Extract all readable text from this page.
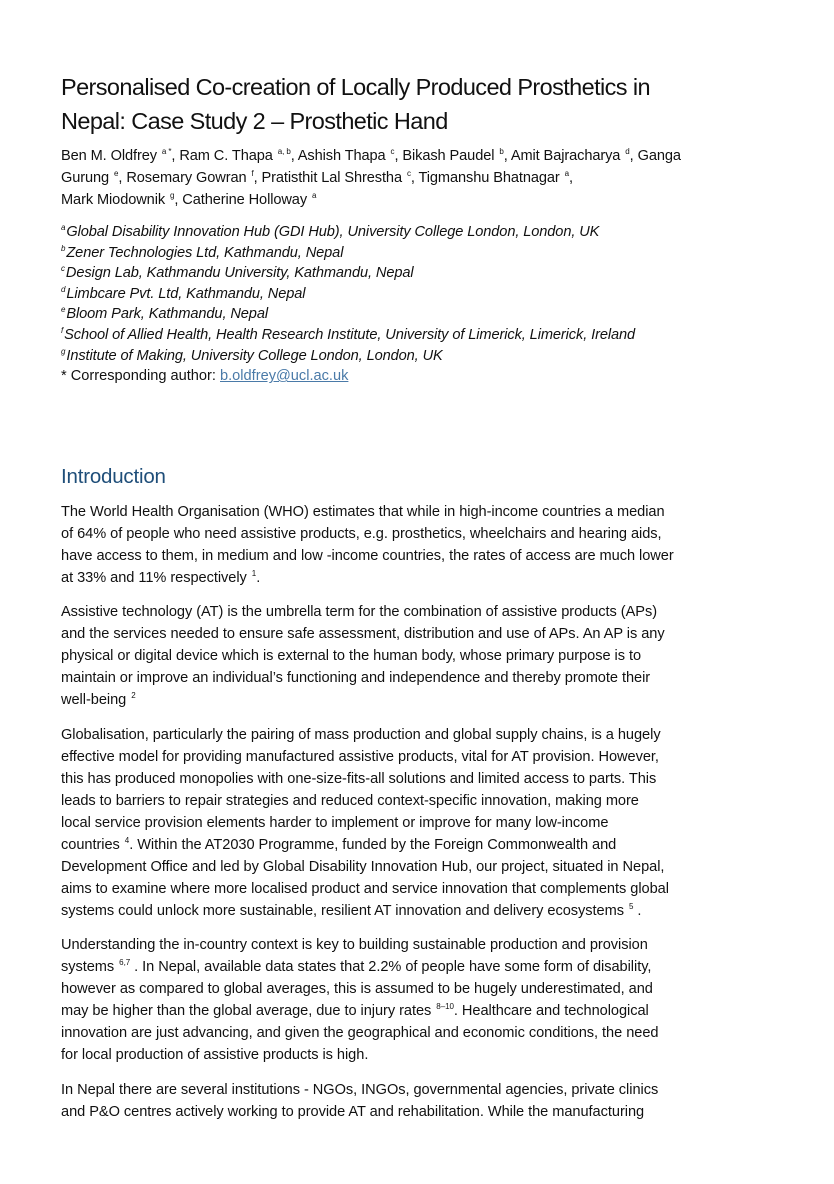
Personalised Co-creation of Locally Produced Prosthetics in
Nepal: Case Study 2 – Prosthetic Hand
Ben M. Oldfrey $^{a *}$, Ram C. Thapa $^{a, b}$, Ashish Thapa $^c$, Bikash Paudel $^b$, Amit Bajracharya $^d$, Ganga
Gurung $^e$, Rosemary Gowran $^f$, Pratisthit Lal Shrestha $^c$, Tigmanshu Bhatnagar $^a$,
Mark Miodownik $^g$, Catherine Holloway $^a$
$^a$Global Disability Innovation Hub (GDI Hub), University College London, London, UK
$^b$Zener Technologies Ltd, Kathmandu, Nepal
$^c$Design Lab, Kathmandu University, Kathmandu, Nepal
$^d$Limbcare Pvt. Ltd, Kathmandu, Nepal
$^e$Bloom Park, Kathmandu, Nepal
$^f$School of Allied Health, Health Research Institute, University of Limerick, Limerick, Ireland
$^g$Institute of Making, University College London, London, UK
* Corresponding author: b.oldfrey@ucl.ac.uk
Introduction

The World Health Organisation (WHO) estimates that while in high-income countries a median
of 64% of people who need assistive products, e.g. prosthetics, wheelchairs and hearing aids,
have access to them, in medium and low -income countries, the rates of access are much lower
at 33% and 11% respectively $^1$.

Assistive technology (AT) is the umbrella term for the combination of assistive products (APs)
and the services needed to ensure safe assessment, distribution and use of APs. An AP is any
physical or digital device which is external to the human body, whose primary purpose is to
maintain or improve an individual’s functioning and independence and thereby promote their
well-being $^2$

Globalisation, particularly the pairing of mass production and global supply chains, is a hugely
effective model for providing manufactured assistive products, vital for AT provision. However,
this has produced monopolies with one-size-fits-all solutions and limited access to parts. This
leads to barriers to repair strategies and reduced context-specific innovation, making more
local service provision elements harder to implement or improve for many low-income
countries $^4$. Within the AT2030 Programme, funded by the Foreign Commonwealth and
Development Office and led by Global Disability Innovation Hub, our project, situated in Nepal,
aims to examine where more localised product and service innovation that complements global
systems could unlock more sustainable, resilient AT innovation and delivery ecosystems $^5$ .

Understanding the in-country context is key to building sustainable production and provision
systems $^{6,7}$ . In Nepal, available data states that 2.2% of people have some form of disability,
however as compared to global averages, this is assumed to be hugely underestimated, and
may be higher than the global average, due to injury rates $^{8-10}$. Healthcare and technological
innovation are just advancing, and given the geographical and economic conditions, the need
for local production of assistive products is high.

In Nepal there are several institutions - NGOs, INGOs, governmental agencies, private clinics
and P&O centres actively working to provide AT and rehabilitation. While the manufacturing
